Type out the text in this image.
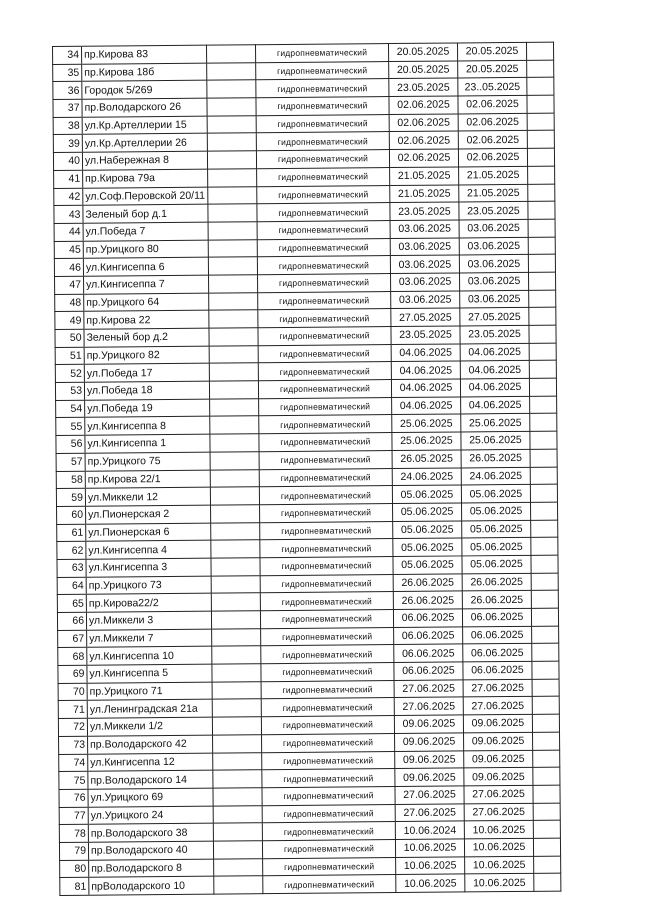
34	пр.Кирова 83		гидропневматический	20.05.2025	20.05.2025	
35	пр.Кирова 18б		гидропневматический	20.05.2025	20.05.2025	
36	Городок 5/269		гидропневматический	23.05.2025	23..05.2025	
37	пр.Володарского 26		гидропневматический	02.06.2025	02.06.2025	
38	ул.Кр.Артеллерии 15		гидропневматический	02.06.2025	02.06.2025	
39	ул.Кр.Артеллерии 26		гидропневматический	02.06.2025	02.06.2025	
40	ул.Набережная 8		гидропневматический	02.06.2025	02.06.2025	
41	пр.Кирова 79а		гидропневматический	21.05.2025	21.05.2025	
42	ул.Соф.Перовской 20/11		гидропневматический	21.05.2025	21.05.2025	
43	Зеленый бор д.1		гидропневматический	23.05.2025	23.05.2025	
44	ул.Победа 7		гидропневматический	03.06.2025	03.06.2025	
45	пр.Урицкого 80		гидропневматический	03.06.2025	03.06.2025	
46	ул.Кингисеппа 6		гидропневматический	03.06.2025	03.06.2025	
47	ул.Кингисеппа 7		гидропневматический	03.06.2025	03.06.2025	
48	пр.Урицкого 64		гидропневматический	03.06.2025	03.06.2025	
49	пр.Кирова 22		гидропневматический	27.05.2025	27.05.2025	
50	Зеленый бор д.2		гидропневматический	23.05.2025	23.05.2025	
51	пр.Урицкого 82		гидропневматический	04.06.2025	04.06.2025	
52	ул.Победа 17		гидропневматический	04.06.2025	04.06.2025	
53	ул.Победа 18		гидропневматический	04.06.2025	04.06.2025	
54	ул.Победа 19		гидропневматический	04.06.2025	04.06.2025	
55	ул.Кингисеппа 8		гидропневматический	25.06.2025	25.06.2025	
56	ул.Кингисеппа 1		гидропневматический	25.06.2025	25.06.2025	
57	пр.Урицкого 75		гидропневматический	26.05.2025	26.05.2025	
58	пр.Кирова 22/1		гидропневматический	24.06.2025	24.06.2025	
59	ул.Миккели 12		гидропневматический	05.06.2025	05.06.2025	
60	ул.Пионерская 2		гидропневматический	05.06.2025	05.06.2025	
61	ул.Пионерская 6		гидропневматический	05.06.2025	05.06.2025	
62	ул.Кингисеппа 4		гидропневматический	05.06.2025	05.06.2025	
63	ул.Кингисеппа 3		гидропневматический	05.06.2025	05.06.2025	
64	пр.Урицкого 73		гидропневматический	26.06.2025	26.06.2025	
65	пр.Кирова22/2		гидропневматический	26.06.2025	26.06.2025	
66	ул.Миккели 3		гидропневматический	06.06.2025	06.06.2025	
67	ул.Миккели 7		гидропневматический	06.06.2025	06.06.2025	
68	ул.Кингисеппа 10		гидропневматический	06.06.2025	06.06.2025	
69	ул.Кингисеппа 5		гидропневматический	06.06.2025	06.06.2025	
70	пр.Урицкого 71		гидропневматический	27.06.2025	27.06.2025	
71	ул.Ленинградская 21а		гидропневматический	27.06.2025	27.06.2025	
72	ул.Миккели 1/2		гидропневматический	09.06.2025	09.06.2025	
73	пр.Володарского 42		гидропневматический	09.06.2025	09.06.2025	
74	ул.Кингисеппа 12		гидропневматический	09.06.2025	09.06.2025	
75	пр.Володарского 14		гидропневматический	09.06.2025	09.06.2025	
76	ул.Урицкого 69		гидропневматический	27.06.2025	27.06.2025	
77	ул.Урицкого 24		гидропневматический	27.06.2025	27.06.2025	
78	пр.Володарского 38		гидропневматический	10.06.2024	10.06.2025	
79	пр.Володарского 40		гидропневматический	10.06.2025	10.06.2025	
80	пр.Володарского 8		гидропневматический	10.06.2025	10.06.2025	
81	прВолодарского 10		гидропневматический	10.06.2025	10.06.2025	
